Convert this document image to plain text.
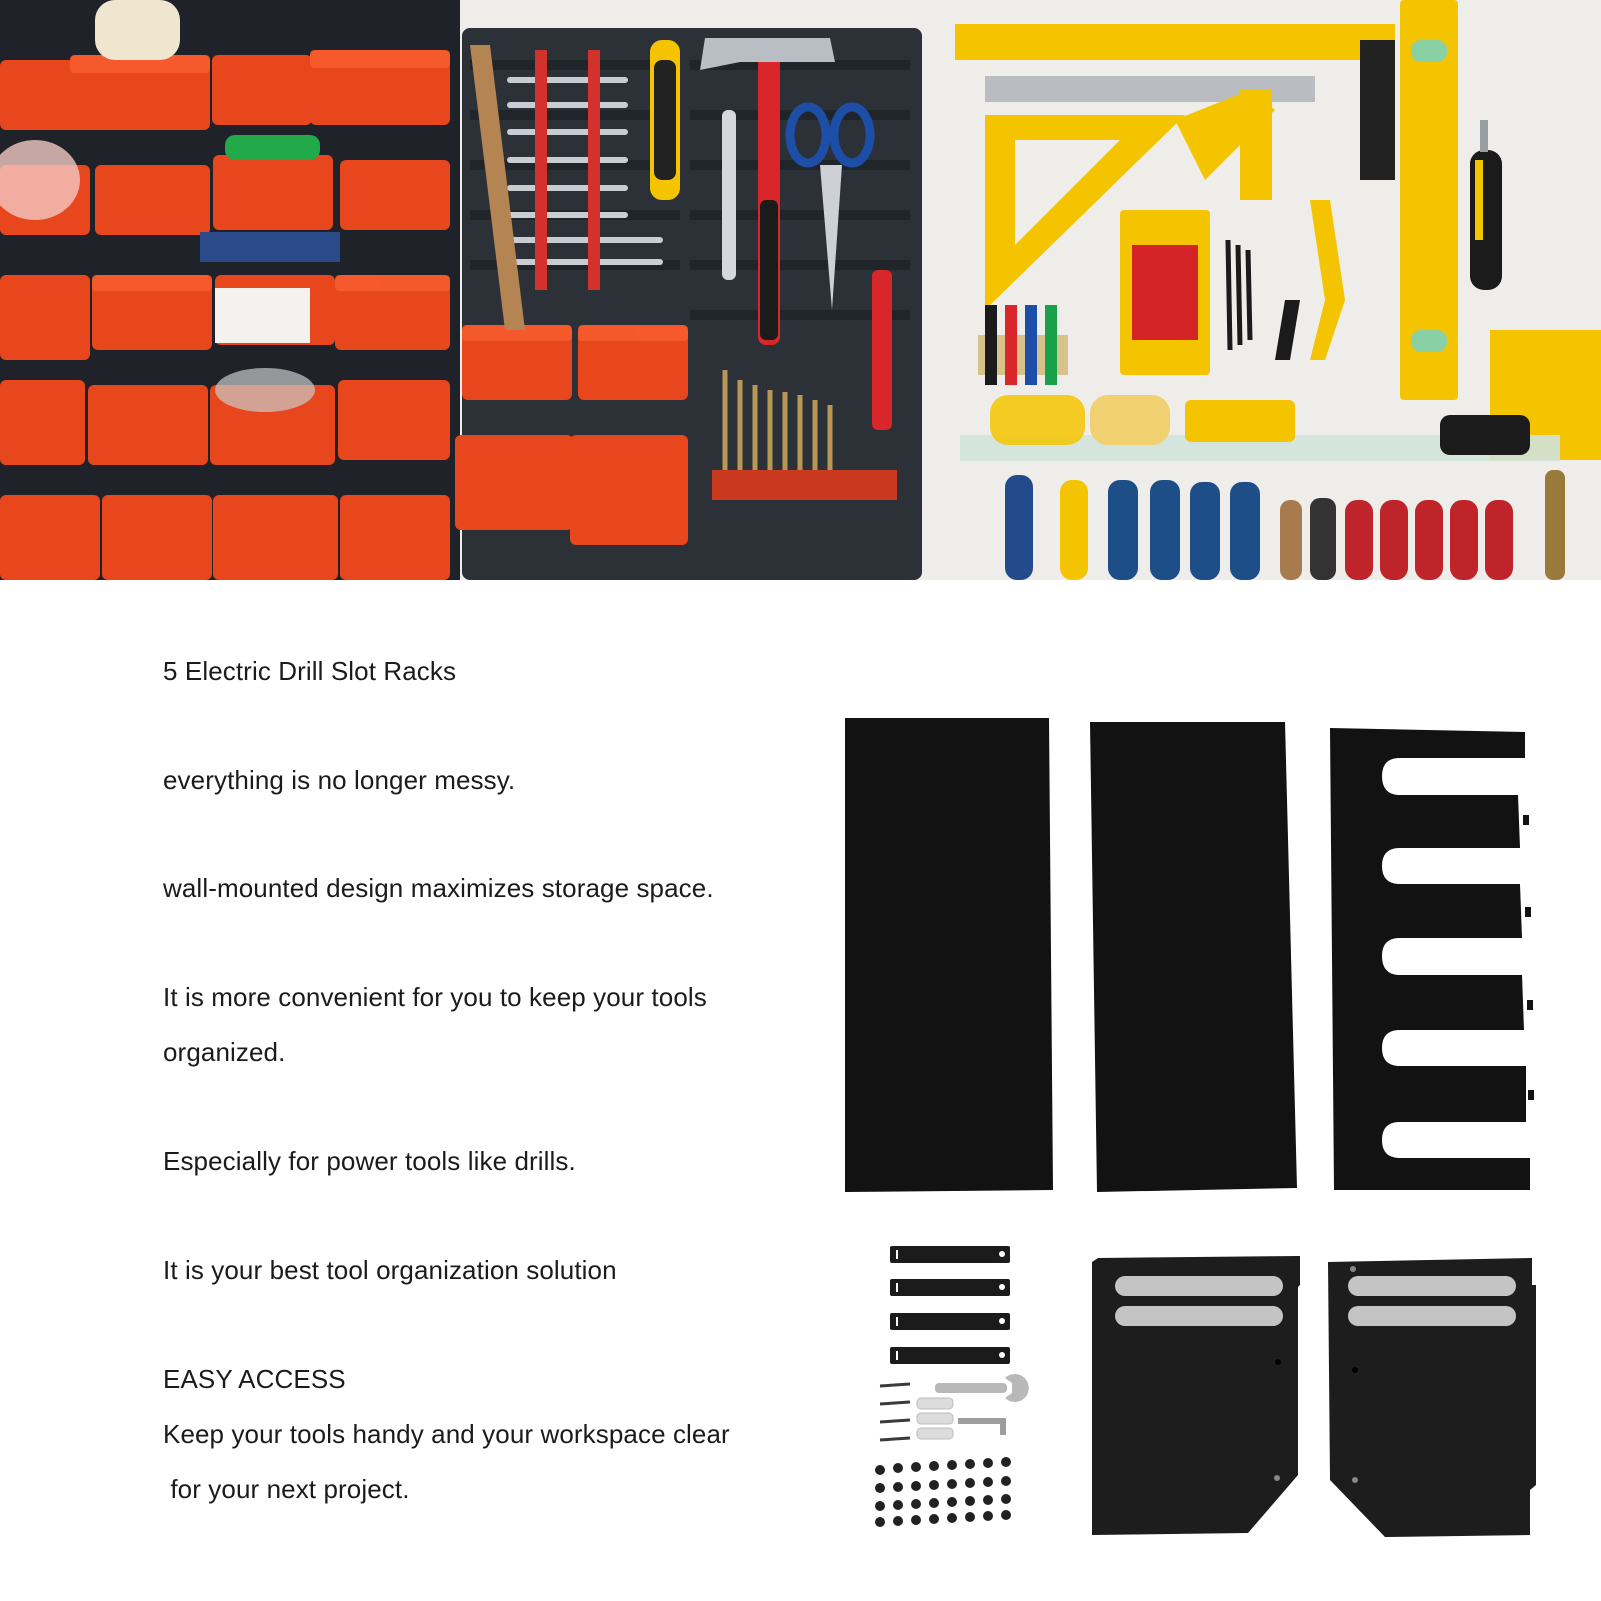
5 Electric Drill Slot Racks
everything is no longer messy.
wall-mounted design maximizes storage space.
It is more convenient for you to keep your tools
organized.
Especially for power tools like drills.
It is your best tool organization solution
EASY ACCESS
Keep your tools handy and your workspace clear
for your next project.
